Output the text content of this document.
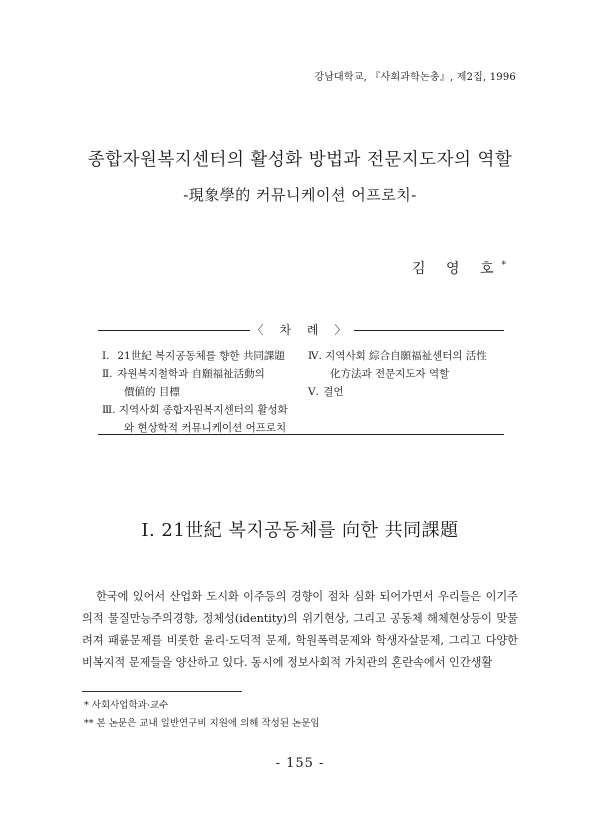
강남대학교, 『사회과학논총』, 제2집, 1996
종합자원복지센터의 활성화 방법과 전문지도자의 역할
-現象學的 커뮤니케이션 어프로치-
김 영 호*
〈 차 례 〉
Ⅰ. 21世紀 복지공동체를 향한 共同課題
Ⅱ. 자원복지철학과 自願福祉活動의
價値的 目標
Ⅲ. 지역사회 종합자원복지센터의 활성화
와 현상학적 커뮤니케이션 어프로치
Ⅳ. 지역사회 綜合自願福祉센터의 活性
化方法과 전문지도자 역할
Ⅴ. 결언
Ⅰ. 21世紀 복지공동체를 向한 共同課題

한국에 있어서 산업화 도시화 이주등의 경향이 점차 심화 되어가면서 우리들은 이기주의적 물질만능주의경향, 정체성(identity)의 위기현상, 그리고 공동체 해체현상등이 맞물려져 패륜문제를 비롯한 윤리·도덕적 문제, 학원폭력문제와 학생자살문제, 그리고 다양한 비복지적 문제들을 양산하고 있다. 동시에 정보사회적 가치관의 혼란속에서 인간생활

* 사회사업학과·교수
** 본 논문은 교내 일반연구비 지원에 의해 작성된 논문임
- 155 -
